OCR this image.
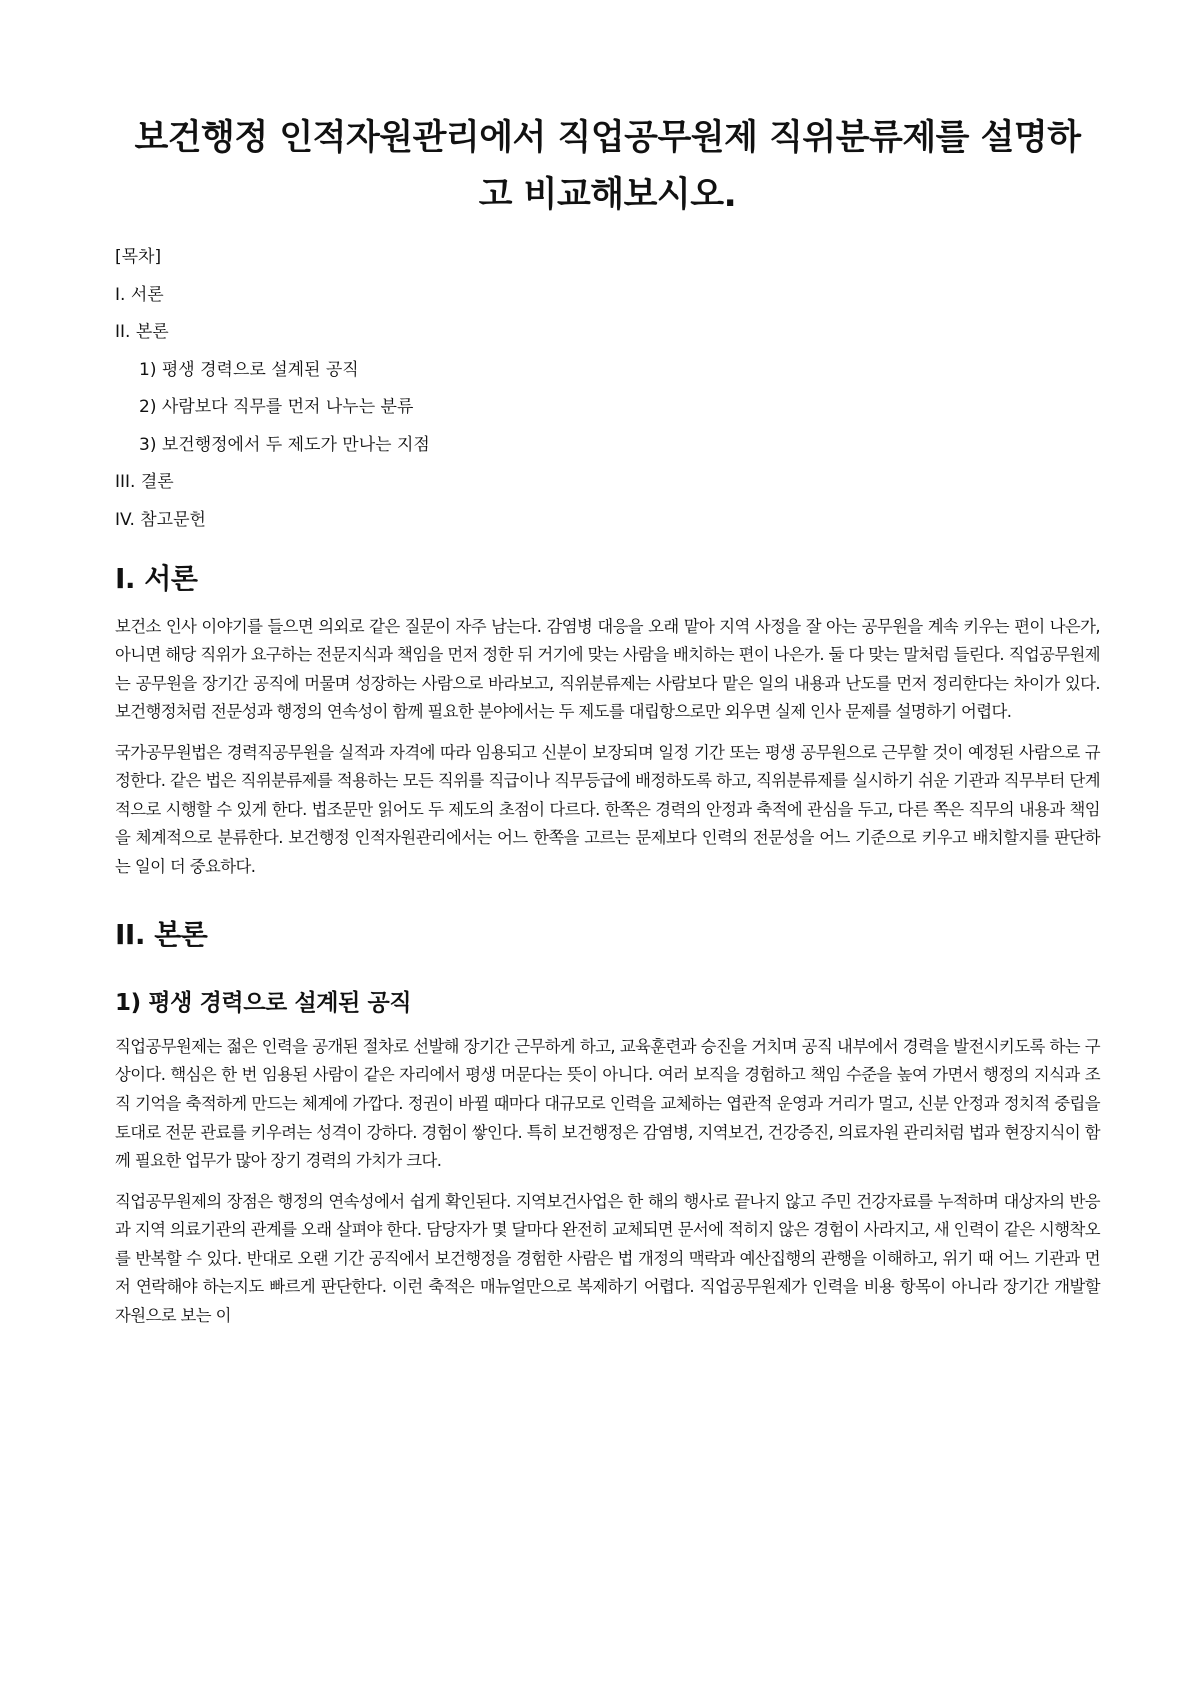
보건행정 인적자원관리에서 직업공무원제 직위분류제를 설명하고 비교해보시오.
[목차]
I. 서론
II. 본론
1) 평생 경력으로 설계된 공직
2) 사람보다 직무를 먼저 나누는 분류
3) 보건행정에서 두 제도가 만나는 지점
III. 결론
IV. 참고문헌
I. 서론

보건소 인사 이야기를 들으면 의외로 같은 질문이 자주 남는다. 감염병 대응을 오래 맡아 지역 사정을 잘 아는 공무원을 계속 키우는 편이 나은가, 아니면 해당 직위가 요구하는 전문지식과 책임을 먼저 정한 뒤 거기에 맞는 사람을 배치하는 편이 나은가. 둘 다 맞는 말처럼 들린다. 직업공무원제는 공무원을 장기간 공직에 머물며 성장하는 사람으로 바라보고, 직위분류제는 사람보다 맡은 일의 내용과 난도를 먼저 정리한다는 차이가 있다. 보건행정처럼 전문성과 행정의 연속성이 함께 필요한 분야에서는 두 제도를 대립항으로만 외우면 실제 인사 문제를 설명하기 어렵다.

국가공무원법은 경력직공무원을 실적과 자격에 따라 임용되고 신분이 보장되며 일정 기간 또는 평생 공무원으로 근무할 것이 예정된 사람으로 규정한다. 같은 법은 직위분류제를 적용하는 모든 직위를 직급이나 직무등급에 배정하도록 하고, 직위분류제를 실시하기 쉬운 기관과 직무부터 단계적으로 시행할 수 있게 한다. 법조문만 읽어도 두 제도의 초점이 다르다. 한쪽은 경력의 안정과 축적에 관심을 두고, 다른 쪽은 직무의 내용과 책임을 체계적으로 분류한다. 보건행정 인적자원관리에서는 어느 한쪽을 고르는 문제보다 인력의 전문성을 어느 기준으로 키우고 배치할지를 판단하는 일이 더 중요하다.

II. 본론
1) 평생 경력으로 설계된 공직

직업공무원제는 젊은 인력을 공개된 절차로 선발해 장기간 근무하게 하고, 교육훈련과 승진을 거치며 공직 내부에서 경력을 발전시키도록 하는 구상이다. 핵심은 한 번 임용된 사람이 같은 자리에서 평생 머문다는 뜻이 아니다. 여러 보직을 경험하고 책임 수준을 높여 가면서 행정의 지식과 조직 기억을 축적하게 만드는 체계에 가깝다. 정권이 바뀔 때마다 대규모로 인력을 교체하는 엽관적 운영과 거리가 멀고, 신분 안정과 정치적 중립을 토대로 전문 관료를 키우려는 성격이 강하다. 경험이 쌓인다. 특히 보건행정은 감염병, 지역보건, 건강증진, 의료자원 관리처럼 법과 현장지식이 함께 필요한 업무가 많아 장기 경력의 가치가 크다.

직업공무원제의 장점은 행정의 연속성에서 쉽게 확인된다. 지역보건사업은 한 해의 행사로 끝나지 않고 주민 건강자료를 누적하며 대상자의 반응과 지역 의료기관의 관계를 오래 살펴야 한다. 담당자가 몇 달마다 완전히 교체되면 문서에 적히지 않은 경험이 사라지고, 새 인력이 같은 시행착오를 반복할 수 있다. 반대로 오랜 기간 공직에서 보건행정을 경험한 사람은 법 개정의 맥락과 예산집행의 관행을 이해하고, 위기 때 어느 기관과 먼저 연락해야 하는지도 빠르게 판단한다. 이런 축적은 매뉴얼만으로 복제하기 어렵다. 직업공무원제가 인력을 비용 항목이 아니라 장기간 개발할 자원으로 보는 이
